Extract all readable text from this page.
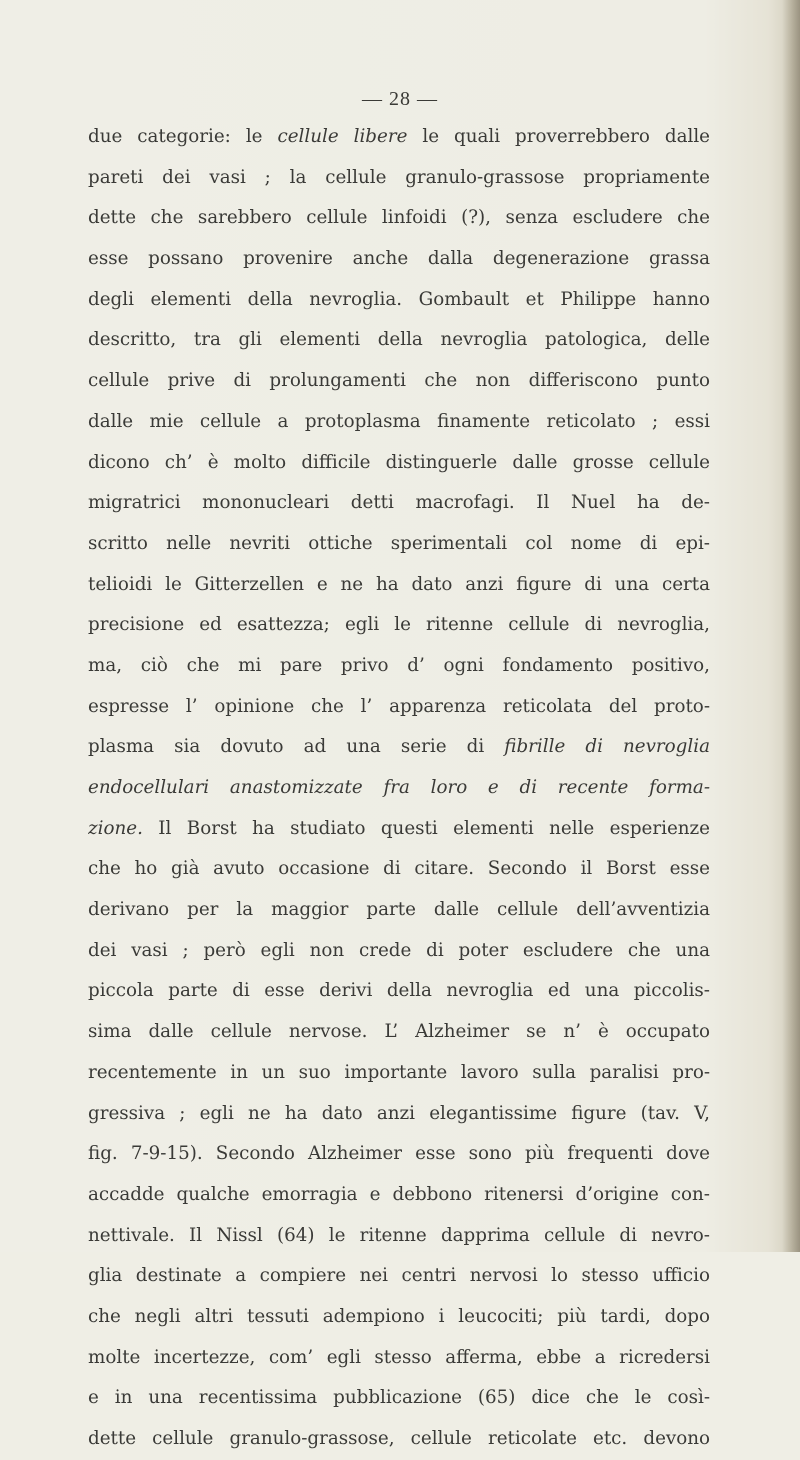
— 28 —
due categorie: le cellule libere le quali proverrebbero dalle
pareti dei vasi ; la cellule granulo-grassose propriamente
dette che sarebbero cellule linfoidi (?), senza escludere che
esse possano provenire anche dalla degenerazione grassa
degli elementi della nevroglia. Gombault et Philippe hanno
descritto, tra gli elementi della nevroglia patologica, delle
cellule prive di prolungamenti che non differiscono punto
dalle mie cellule a protoplasma finamente reticolato ; essi
dicono ch’ è molto difficile distinguerle dalle grosse cellule
migratrici mononucleari detti macrofagi. Il Nuel ha de-
scritto nelle nevriti ottiche sperimentali col nome di epi-
telioidi le Gitterzellen e ne ha dato anzi figure di una certa
precisione ed esattezza; egli le ritenne cellule di nevroglia,
ma, ciò che mi pare privo d’ ogni fondamento positivo,
espresse l’ opinione che l’ apparenza reticolata del proto-
plasma sia dovuto ad una serie di fibrille di nevroglia
endocellulari anastomizzate fra loro e di recente forma-
zione. Il Borst ha studiato questi elementi nelle esperienze
che ho già avuto occasione di citare. Secondo il Borst esse
derivano per la maggior parte dalle cellule dell’avventizia
dei vasi ; però egli non crede di poter escludere che una
piccola parte di esse derivi della nevroglia ed una piccolis-
sima dalle cellule nervose. L’ Alzheimer se n’ è occupato
recentemente in un suo importante lavoro sulla paralisi pro-
gressiva ; egli ne ha dato anzi elegantissime figure (tav. V,
fig. 7-9-15). Secondo Alzheimer esse sono più frequenti dove
accadde qualche emorragia e debbono ritenersi d’origine con-
nettivale. Il Nissl (64) le ritenne dapprima cellule di nevro-
glia destinate a compiere nei centri nervosi lo stesso ufficio
che negli altri tessuti adempiono i leucociti; più tardi, dopo
molte incertezze, com’ egli stesso afferma, ebbe a ricredersi
e in una recentissima pubblicazione (65) dice che le così-
dette cellule granulo-grassose, cellule reticolate etc. devono
